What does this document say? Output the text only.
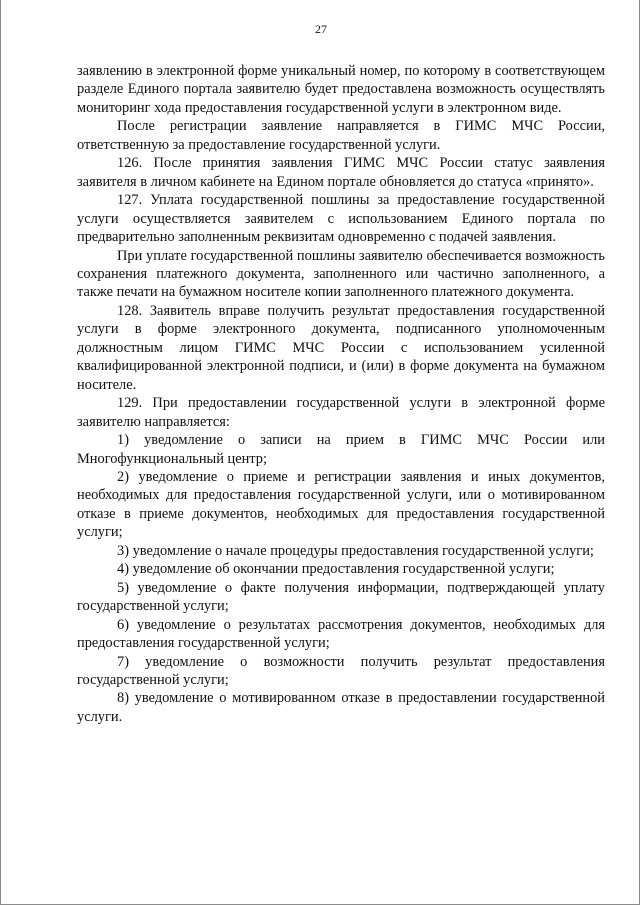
27

заявлению в электронной форме уникальный номер, по которому в соответствующем разделе Единого портала заявителю будет предоставлена возможность осуществлять мониторинг хода предоставления государственной услуги в электронном виде.

После регистрации заявление направляется в ГИМС МЧС России, ответственную за предоставление государственной услуги.

126. После принятия заявления ГИМС МЧС России статус заявления заявителя в личном кабинете на Едином портале обновляется до статуса «принято».

127. Уплата государственной пошлины за предоставление государственной услуги осуществляется заявителем с использованием Единого портала по предварительно заполненным реквизитам одновременно с подачей заявления.

При уплате государственной пошлины заявителю обеспечивается возможность сохранения платежного документа, заполненного или частично заполненного, а также печати на бумажном носителе копии заполненного платежного документа.

128. Заявитель вправе получить результат предоставления государственной услуги в форме электронного документа, подписанного уполномоченным должностным лицом ГИМС МЧС России с использованием усиленной квалифицированной электронной подписи, и (или) в форме документа на бумажном носителе.

129. При предоставлении государственной услуги в электронной форме заявителю направляется:

1) уведомление о записи на прием в ГИМС МЧС России или Многофункциональный центр;

2) уведомление о приеме и регистрации заявления и иных документов, необходимых для предоставления государственной услуги, или о мотивированном отказе в приеме документов, необходимых для предоставления государственной услуги;

3) уведомление о начале процедуры предоставления государственной услуги;

4) уведомление об окончании предоставления государственной услуги;

5) уведомление о факте получения информации, подтверждающей уплату государственной услуги;

6) уведомление о результатах рассмотрения документов, необходимых для предоставления государственной услуги;

7) уведомление о возможности получить результат предоставления государственной услуги;

8) уведомление о мотивированном отказе в предоставлении государственной услуги.
